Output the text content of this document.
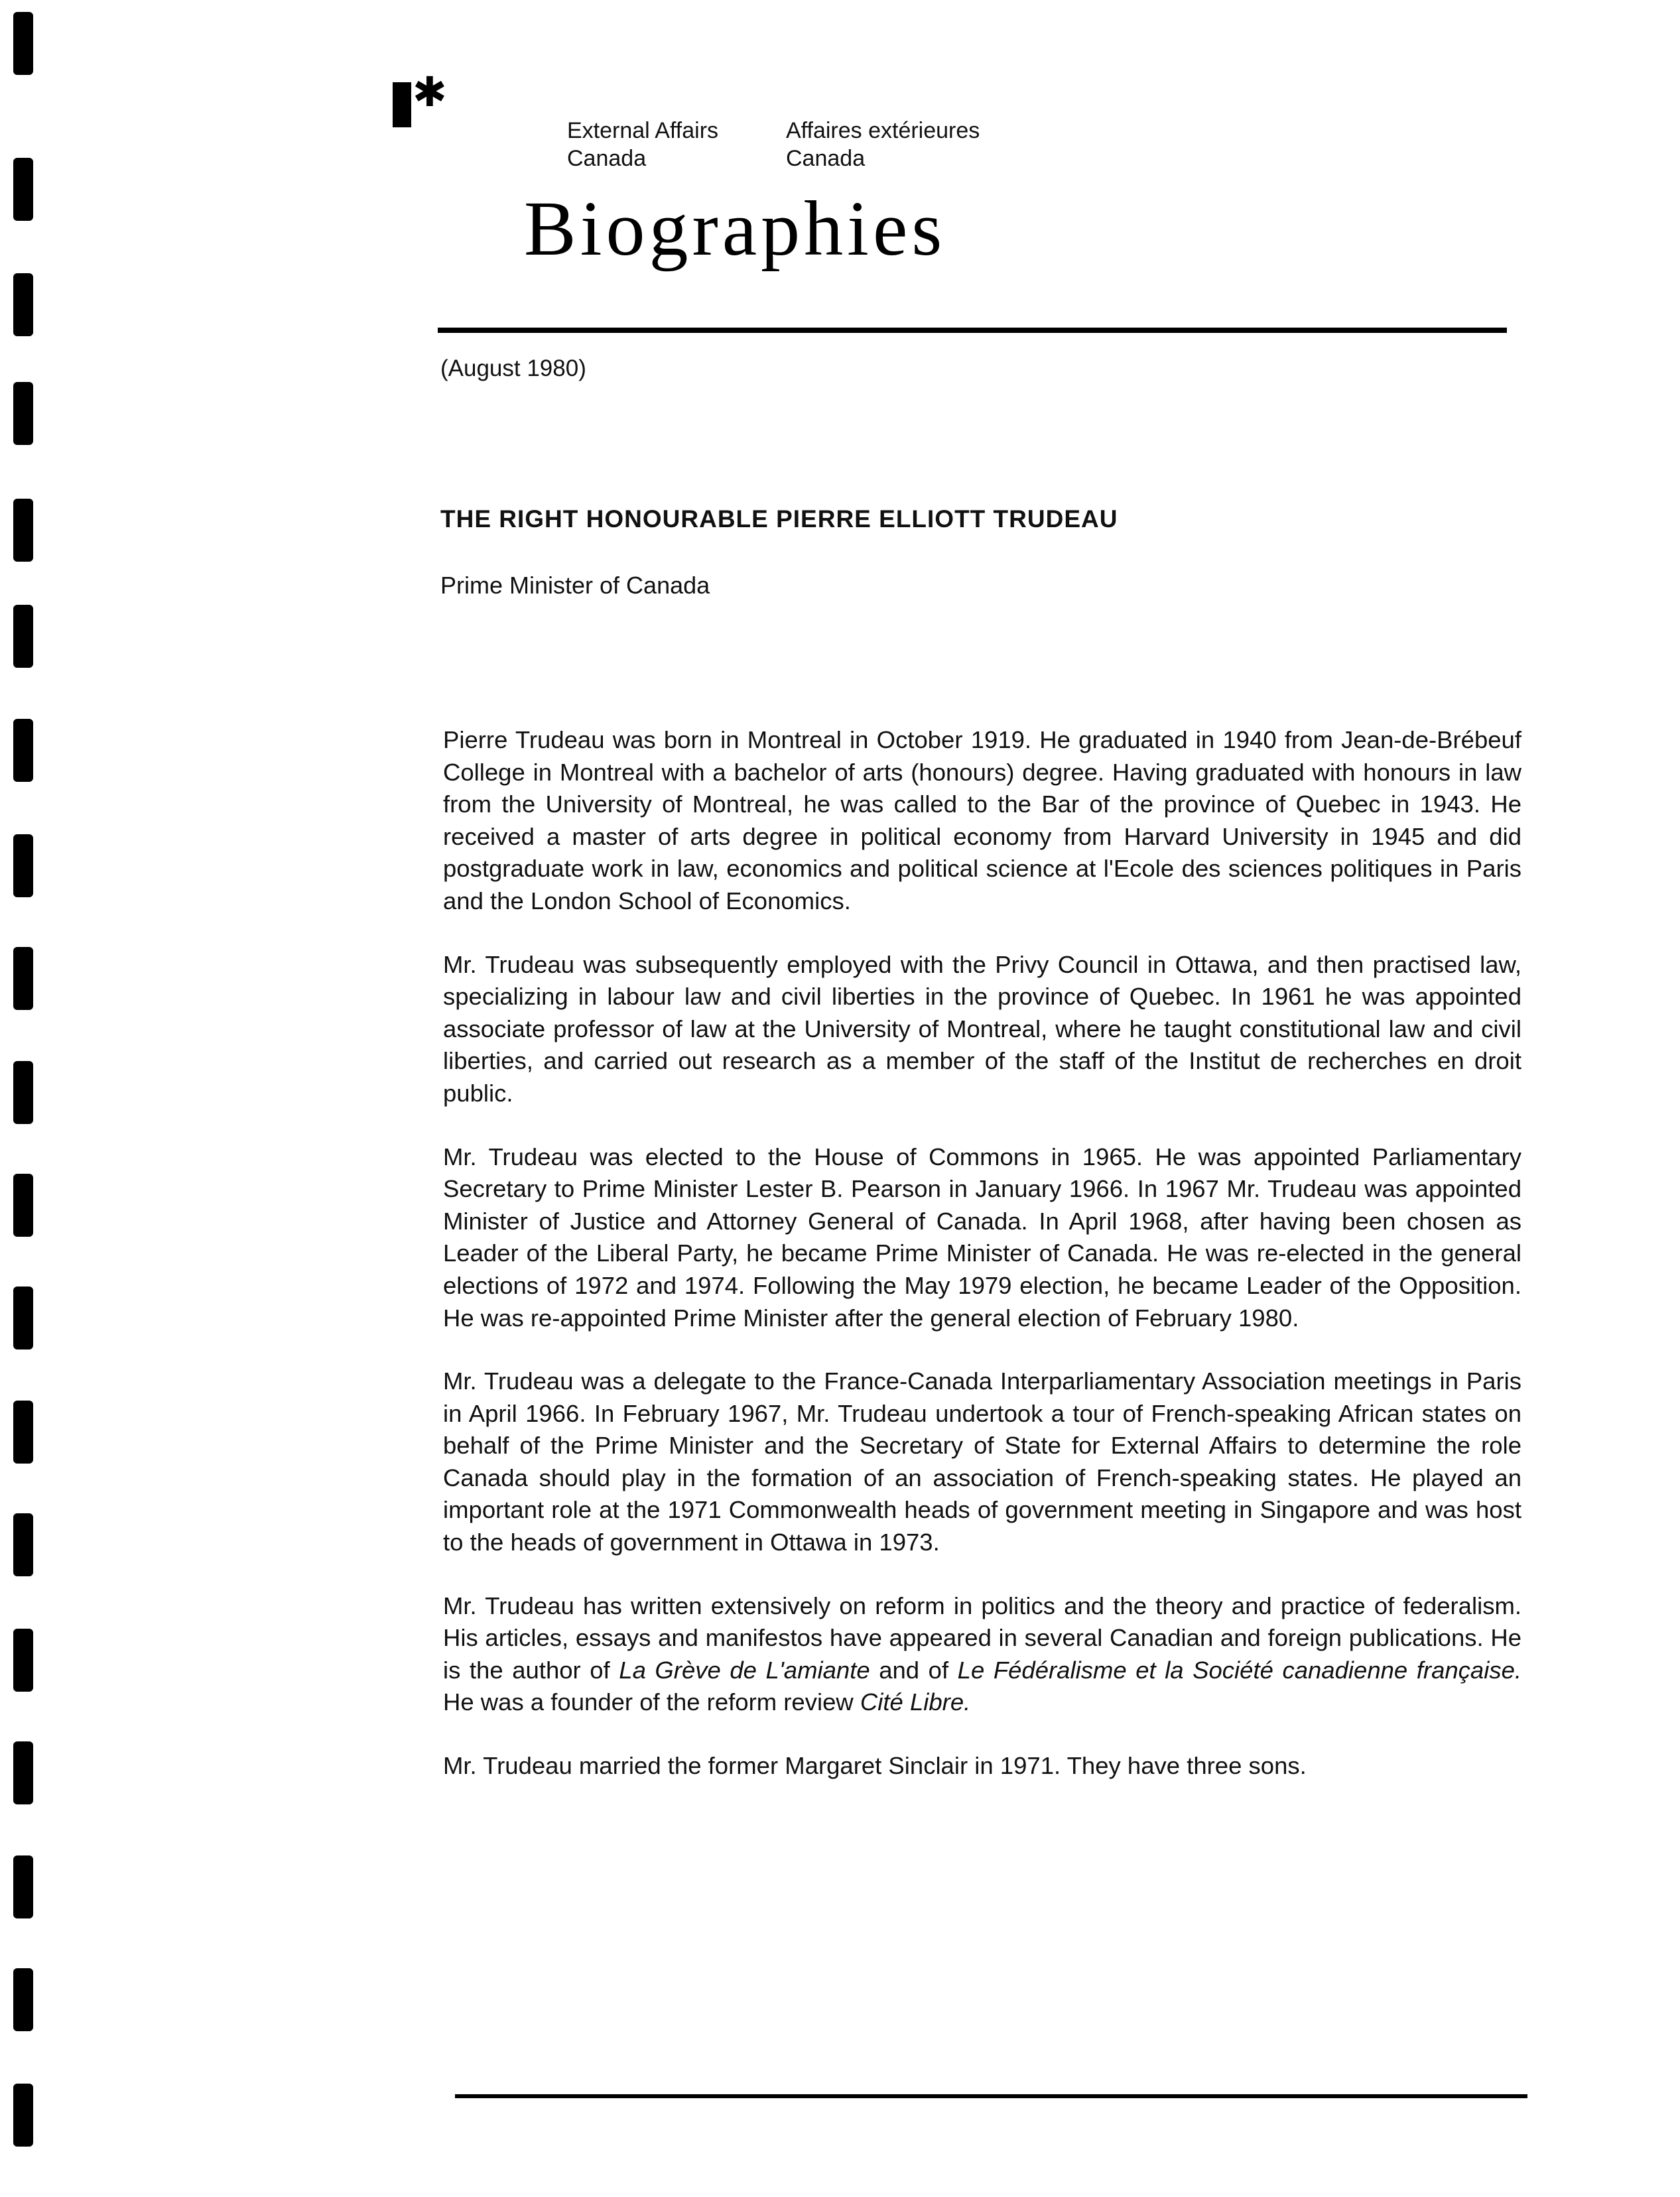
✱
External Affairs
Canada
Affaires extérieures
Canada
Biographies
(August 1980)
THE RIGHT HONOURABLE PIERRE ELLIOTT TRUDEAU
Prime Minister of Canada

Pierre Trudeau was born in Montreal in October 1919. He graduated in 1940 from Jean-de-Brébeuf College in Montreal with a bachelor of arts (honours) degree. Having graduated with honours in law from the University of Montreal, he was called to the Bar of the province of Quebec in 1943. He received a master of arts degree in political economy from Harvard University in 1945 and did postgraduate work in law, economics and political science at l'Ecole des sciences politiques in Paris and the London School of Economics.

Mr. Trudeau was subsequently employed with the Privy Council in Ottawa, and then practised law, specializing in labour law and civil liberties in the province of Quebec. In 1961 he was appointed associate professor of law at the University of Montreal, where he taught constitutional law and civil liberties, and carried out research as a member of the staff of the Institut de recherches en droit public.

Mr. Trudeau was elected to the House of Commons in 1965. He was appointed Parliamentary Secretary to Prime Minister Lester B. Pearson in January 1966. In 1967 Mr. Trudeau was appointed Minister of Justice and Attorney General of Canada. In April 1968, after having been chosen as Leader of the Liberal Party, he became Prime Minister of Canada. He was re-elected in the general elections of 1972 and 1974. Following the May 1979 election, he became Leader of the Opposition. He was re-appointed Prime Minister after the general election of February 1980.

Mr. Trudeau was a delegate to the France-Canada Interparliamentary Association meetings in Paris in April 1966. In February 1967, Mr. Trudeau undertook a tour of French-speaking African states on behalf of the Prime Minister and the Secretary of State for External Affairs to determine the role Canada should play in the formation of an association of French-speaking states. He played an important role at the 1971 Commonwealth heads of government meeting in Singapore and was host to the heads of government in Ottawa in 1973.

Mr. Trudeau has written extensively on reform in politics and the theory and practice of federalism. His articles, essays and manifestos have appeared in several Canadian and foreign publications. He is the author of La Grève de L'amiante and of Le Fédéralisme et la Société canadienne française. He was a founder of the reform review Cité Libre.

Mr. Trudeau married the former Margaret Sinclair in 1971. They have three sons.
